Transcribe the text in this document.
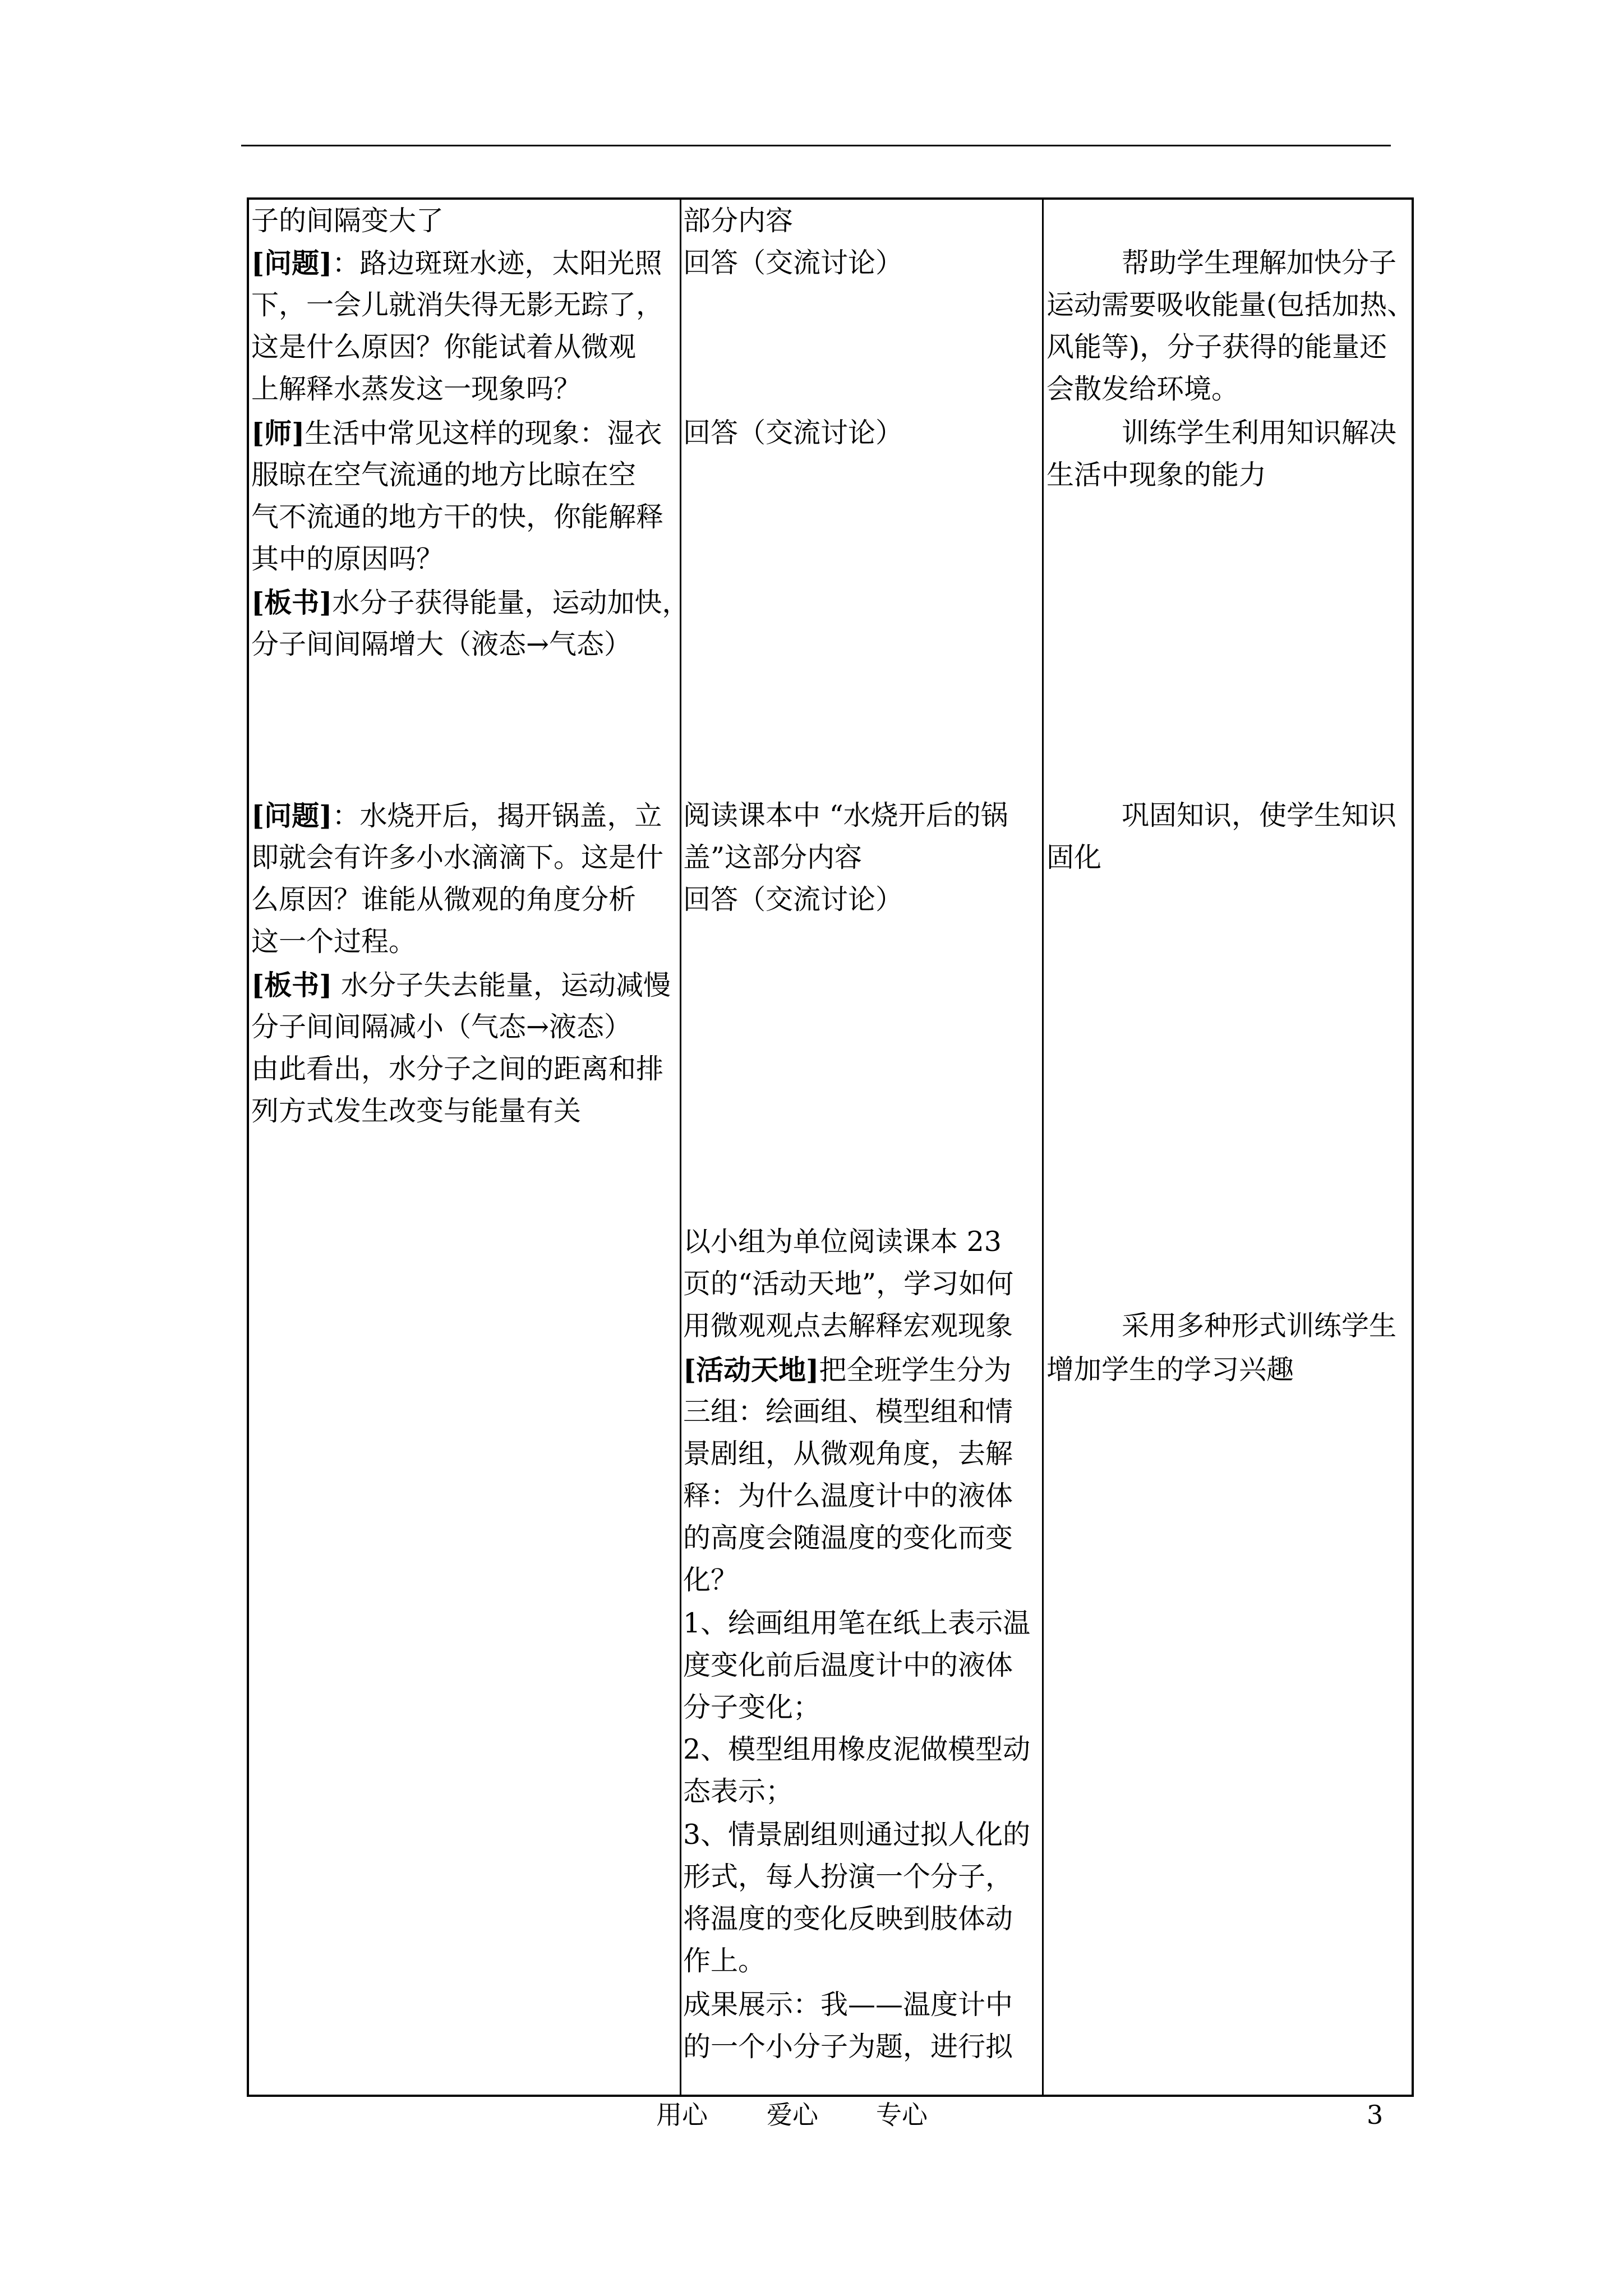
子的间隔变大了
[问题]：路边斑斑水迹，太阳光照
下，一会儿就消失得无影无踪了，
这是什么原因？你能试着从微观
上解释水蒸发这一现象吗？
[师]生活中常见这样的现象：湿衣
服晾在空气流通的地方比晾在空
气不流通的地方干的快，你能解释
其中的原因吗？
[板书]水分子获得能量，运动加快，
分子间间隔增大（液态→气态）
[问题]：水烧开后，揭开锅盖，立
即就会有许多小水滴滴下。这是什
么原因？谁能从微观的角度分析
这一个过程。
[板书] 水分子失去能量，运动减慢
分子间间隔减小（气态→液态）
由此看出，水分子之间的距离和排
列方式发生改变与能量有关
部分内容
回答（交流讨论）
回答（交流讨论）
阅读课本中 “水烧开后的锅
盖”这部分内容
回答（交流讨论）
以小组为单位阅读课本 23
页的“活动天地”，学习如何
用微观观点去解释宏观现象
[活动天地]把全班学生分为
三组：绘画组、模型组和情
景剧组，从微观角度，去解
释：为什么温度计中的液体
的高度会随温度的变化而变
化？
1、绘画组用笔在纸上表示温
度变化前后温度计中的液体
分子变化；
2、模型组用橡皮泥做模型动
态表示；
3、情景剧组则通过拟人化的
形式，每人扮演一个分子，
将温度的变化反映到肢体动
作上。
成果展示：我——温度计中
的一个小分子为题，进行拟
帮助学生理解加快分子
运动需要吸收能量(包括加热、
风能等)，分子获得的能量还
会散发给环境。
训练学生利用知识解决
生活中现象的能力
巩固知识，使学生知识
固化
采用多种形式训练学生
增加学生的学习兴趣
用心 爱心 专心	3
